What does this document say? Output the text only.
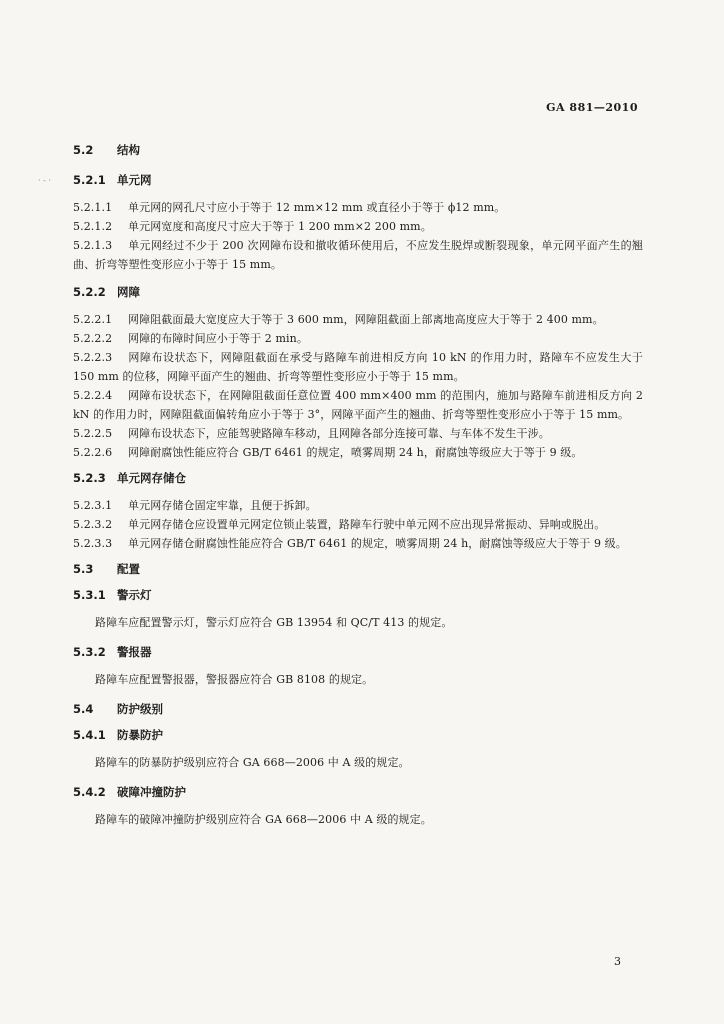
GA 881—2010
5.2 结构
5.2.1 单元网

5.2.1.1 单元网的网孔尺寸应小于等于 12 mm×12 mm 或直径小于等于 ϕ12 mm。

5.2.1.2 单元网宽度和高度尺寸应大于等于 1 200 mm×2 200 mm。

5.2.1.3 单元网经过不少于 200 次网障布设和撤收循环使用后，不应发生脱焊或断裂现象，单元网平面产生的翘曲、折弯等塑性变形应小于等于 15 mm。

5.2.2 网障

5.2.2.1 网障阻截面最大宽度应大于等于 3 600 mm，网障阻截面上部离地高度应大于等于 2 400 mm。

5.2.2.2 网障的布障时间应小于等于 2 min。

5.2.2.3 网障布设状态下，网障阻截面在承受与路障车前进相反方向 10 kN 的作用力时，路障车不应发生大于 150 mm 的位移，网障平面产生的翘曲、折弯等塑性变形应小于等于 15 mm。

5.2.2.4 网障布设状态下，在网障阻截面任意位置 400 mm×400 mm 的范围内，施加与路障车前进相反方向 2 kN 的作用力时，网障阻截面偏转角应小于等于 3°，网障平面产生的翘曲、折弯等塑性变形应小于等于 15 mm。

5.2.2.5 网障布设状态下，应能驾驶路障车移动，且网障各部分连接可靠、与车体不发生干涉。

5.2.2.6 网障耐腐蚀性能应符合 GB/T 6461 的规定，喷雾周期 24 h，耐腐蚀等级应大于等于 9 级。

5.2.3 单元网存储仓

5.2.3.1 单元网存储仓固定牢靠，且便于拆卸。

5.2.3.2 单元网存储仓应设置单元网定位锁止装置，路障车行驶中单元网不应出现异常振动、异响或脱出。

5.2.3.3 单元网存储仓耐腐蚀性能应符合 GB/T 6461 的规定，喷雾周期 24 h，耐腐蚀等级应大于等于 9 级。

5.3 配置
5.3.1 警示灯

路障车应配置警示灯，警示灯应符合 GB 13954 和 QC/T 413 的规定。

5.3.2 警报器

路障车应配置警报器，警报器应符合 GB 8108 的规定。

5.4 防护级别
5.4.1 防暴防护

路障车的防暴防护级别应符合 GA 668—2006 中 A 级的规定。

5.4.2 破障冲撞防护

路障车的破障冲撞防护级别应符合 GA 668—2006 中 A 级的规定。

· - ·
3
